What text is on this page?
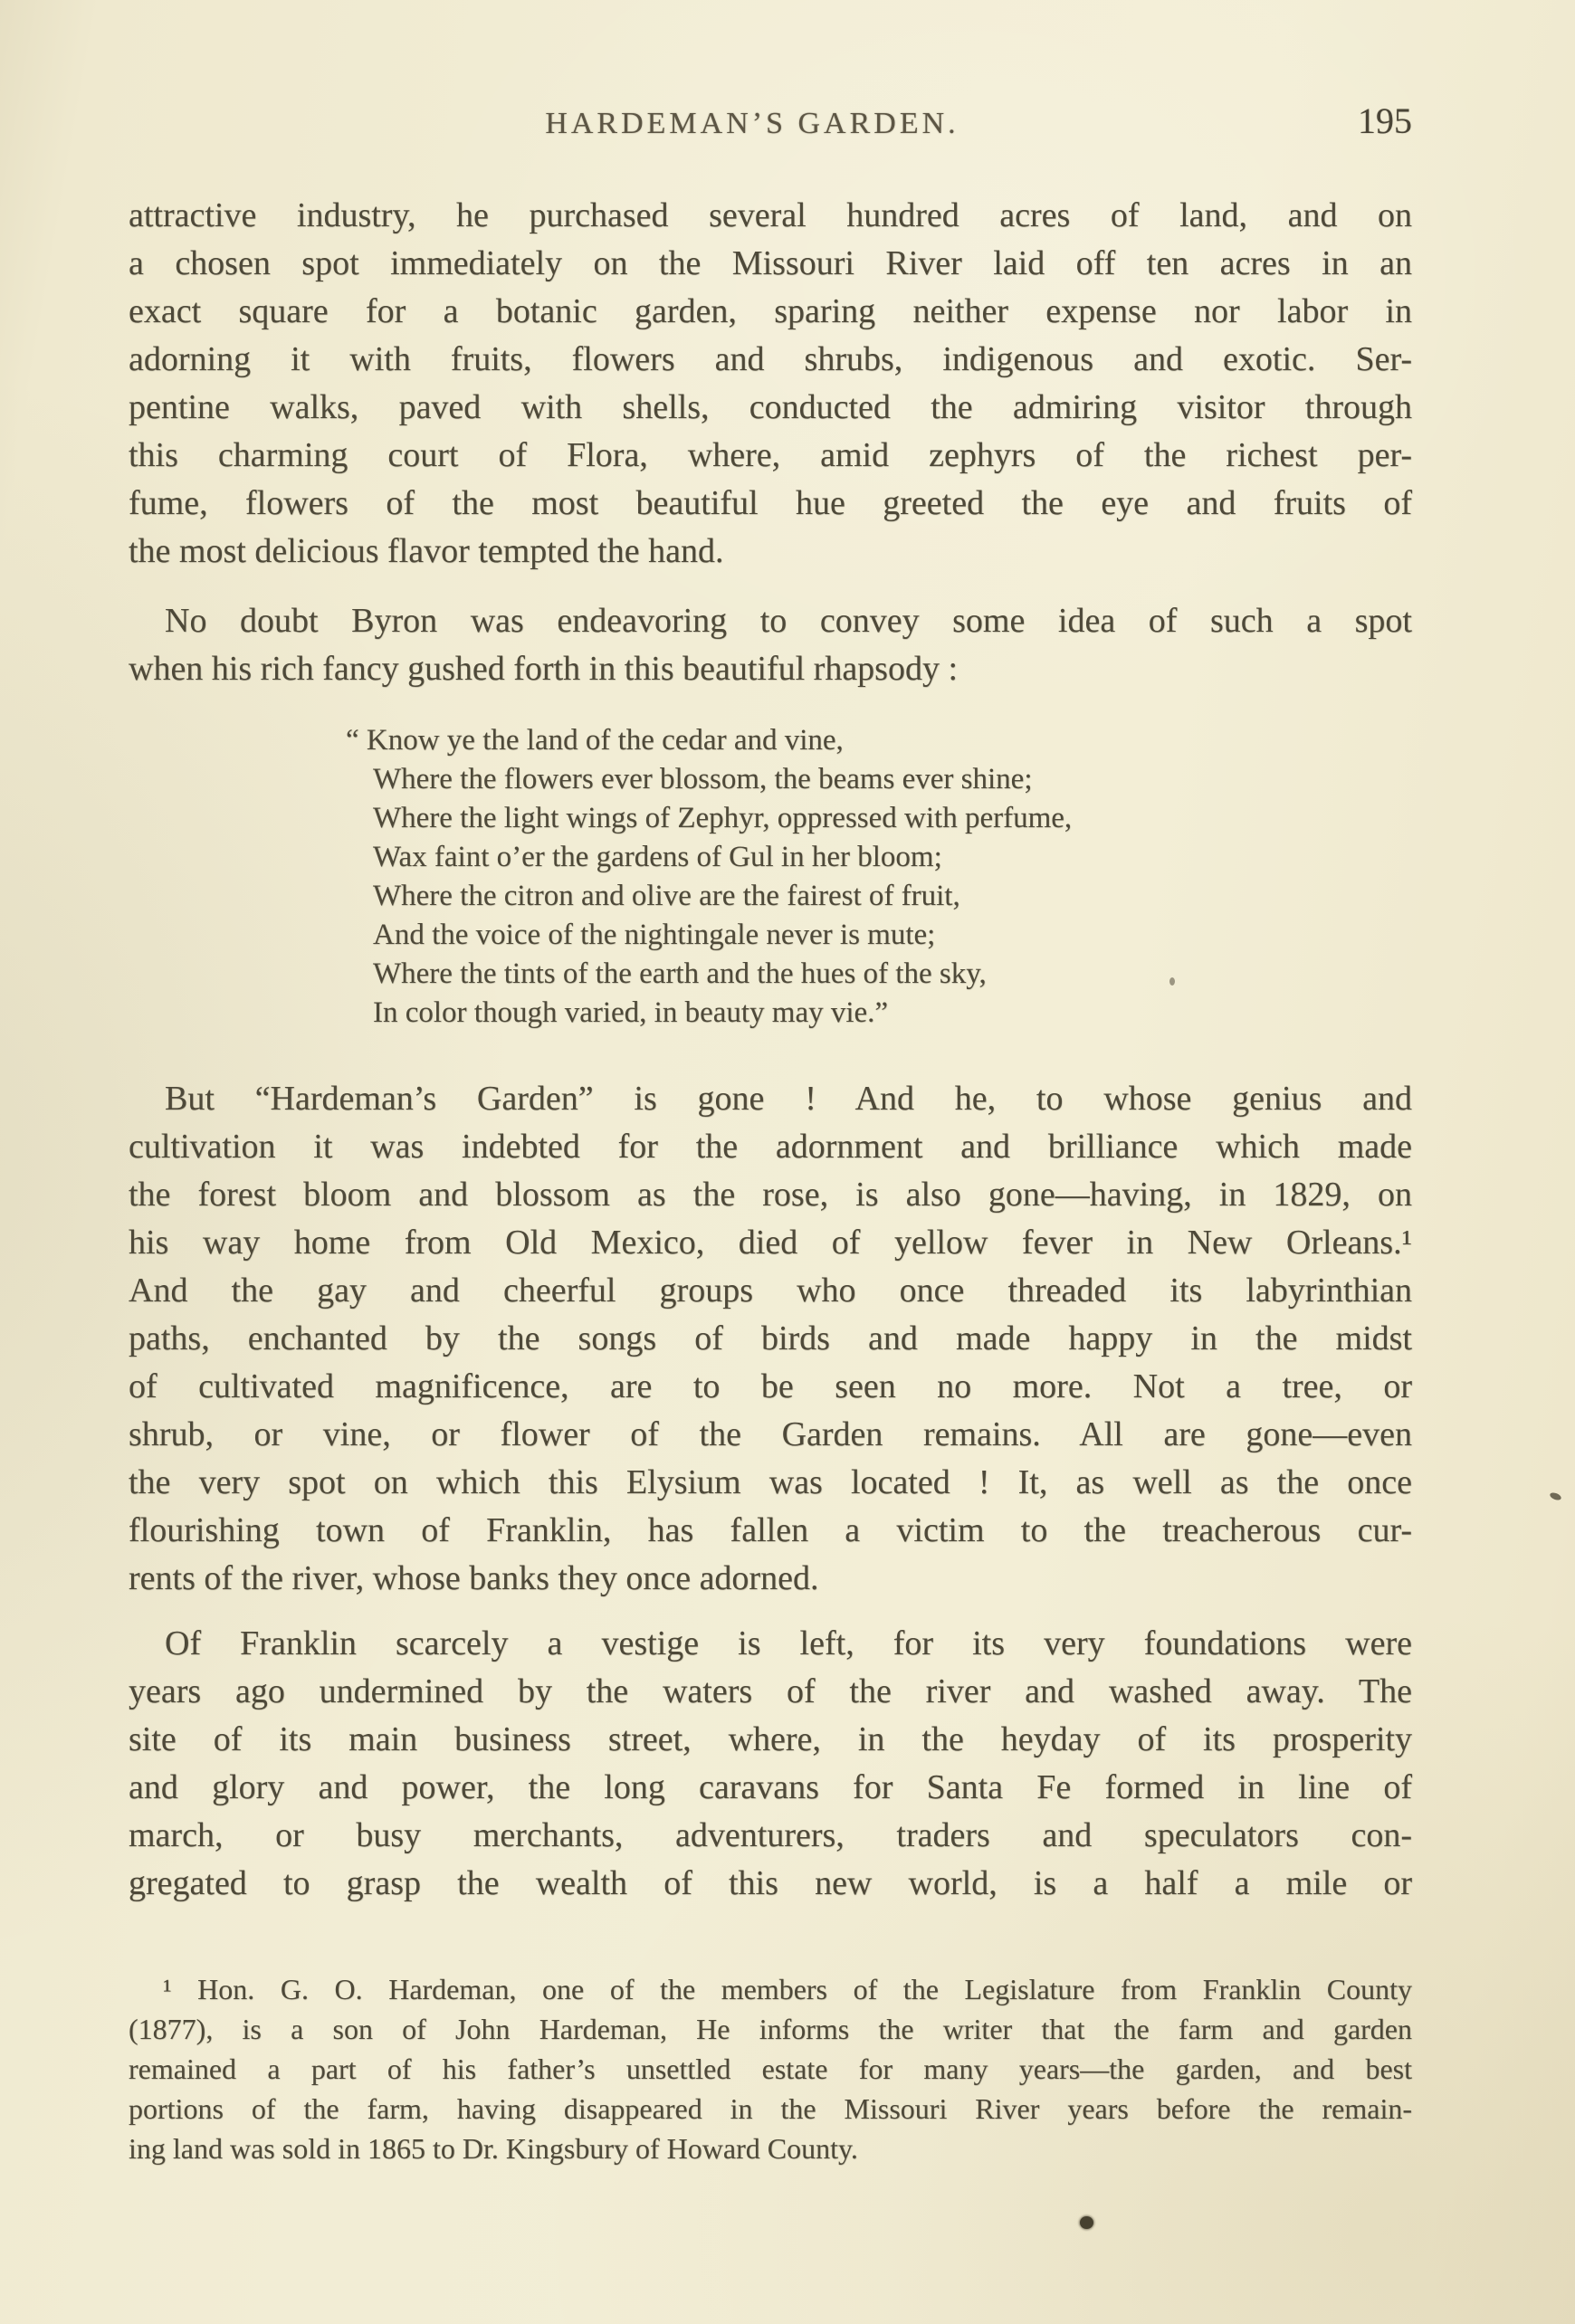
HARDEMAN’S GARDEN.	195

attractive industry, he purchased several hundred acres of land, and on
a chosen spot immediately on the Missouri River laid off ten acres in an
exact square for a botanic garden, sparing neither expense nor labor in
adorning it with fruits, flowers and shrubs, indigenous and exotic. Ser-
pentine walks, paved with shells, conducted the admiring visitor through
this charming court of Flora, where, amid zephyrs of the richest per-
fume, flowers of the most beautiful hue greeted the eye and fruits of
the most delicious flavor tempted the hand.

No doubt Byron was endeavoring to convey some idea of such a spot
when his rich fancy gushed forth in this beautiful rhapsody :

“ Know ye the land of the cedar and vine,
Where the flowers ever blossom, the beams ever shine;
Where the light wings of Zephyr, oppressed with perfume,
Wax faint o’er the gardens of Gul in her bloom;
Where the citron and olive are the fairest of fruit,
And the voice of the nightingale never is mute;
Where the tints of the earth and the hues of the sky,
In color though varied, in beauty may vie.”

But “Hardeman’s Garden” is gone ! And he, to whose genius and
cultivation it was indebted for the adornment and brilliance which made
the forest bloom and blossom as the rose, is also gone—having, in 1829, on
his way home from Old Mexico, died of yellow fever in New Orleans.¹
And the gay and cheerful groups who once threaded its labyrinthian
paths, enchanted by the songs of birds and made happy in the midst
of cultivated magnificence, are to be seen no more. Not a tree, or
shrub, or vine, or flower of the Garden remains. All are gone—even
the very spot on which this Elysium was located ! It, as well as the once
flourishing town of Franklin, has fallen a victim to the treacherous cur-
rents of the river, whose banks they once adorned.

Of Franklin scarcely a vestige is left, for its very foundations were
years ago undermined by the waters of the river and washed away. The
site of its main business street, where, in the heyday of its prosperity
and glory and power, the long caravans for Santa Fe formed in line of
march, or busy merchants, adventurers, traders and speculators con-
gregated to grasp the wealth of this new world, is a half a mile or

¹ Hon. G. O. Hardeman, one of the members of the Legislature from Franklin County
(1877), is a son of John Hardeman, He informs the writer that the farm and garden
remained a part of his father’s unsettled estate for many years—the garden, and best
portions of the farm, having disappeared in the Missouri River years before the remain-
ing land was sold in 1865 to Dr. Kingsbury of Howard County.
